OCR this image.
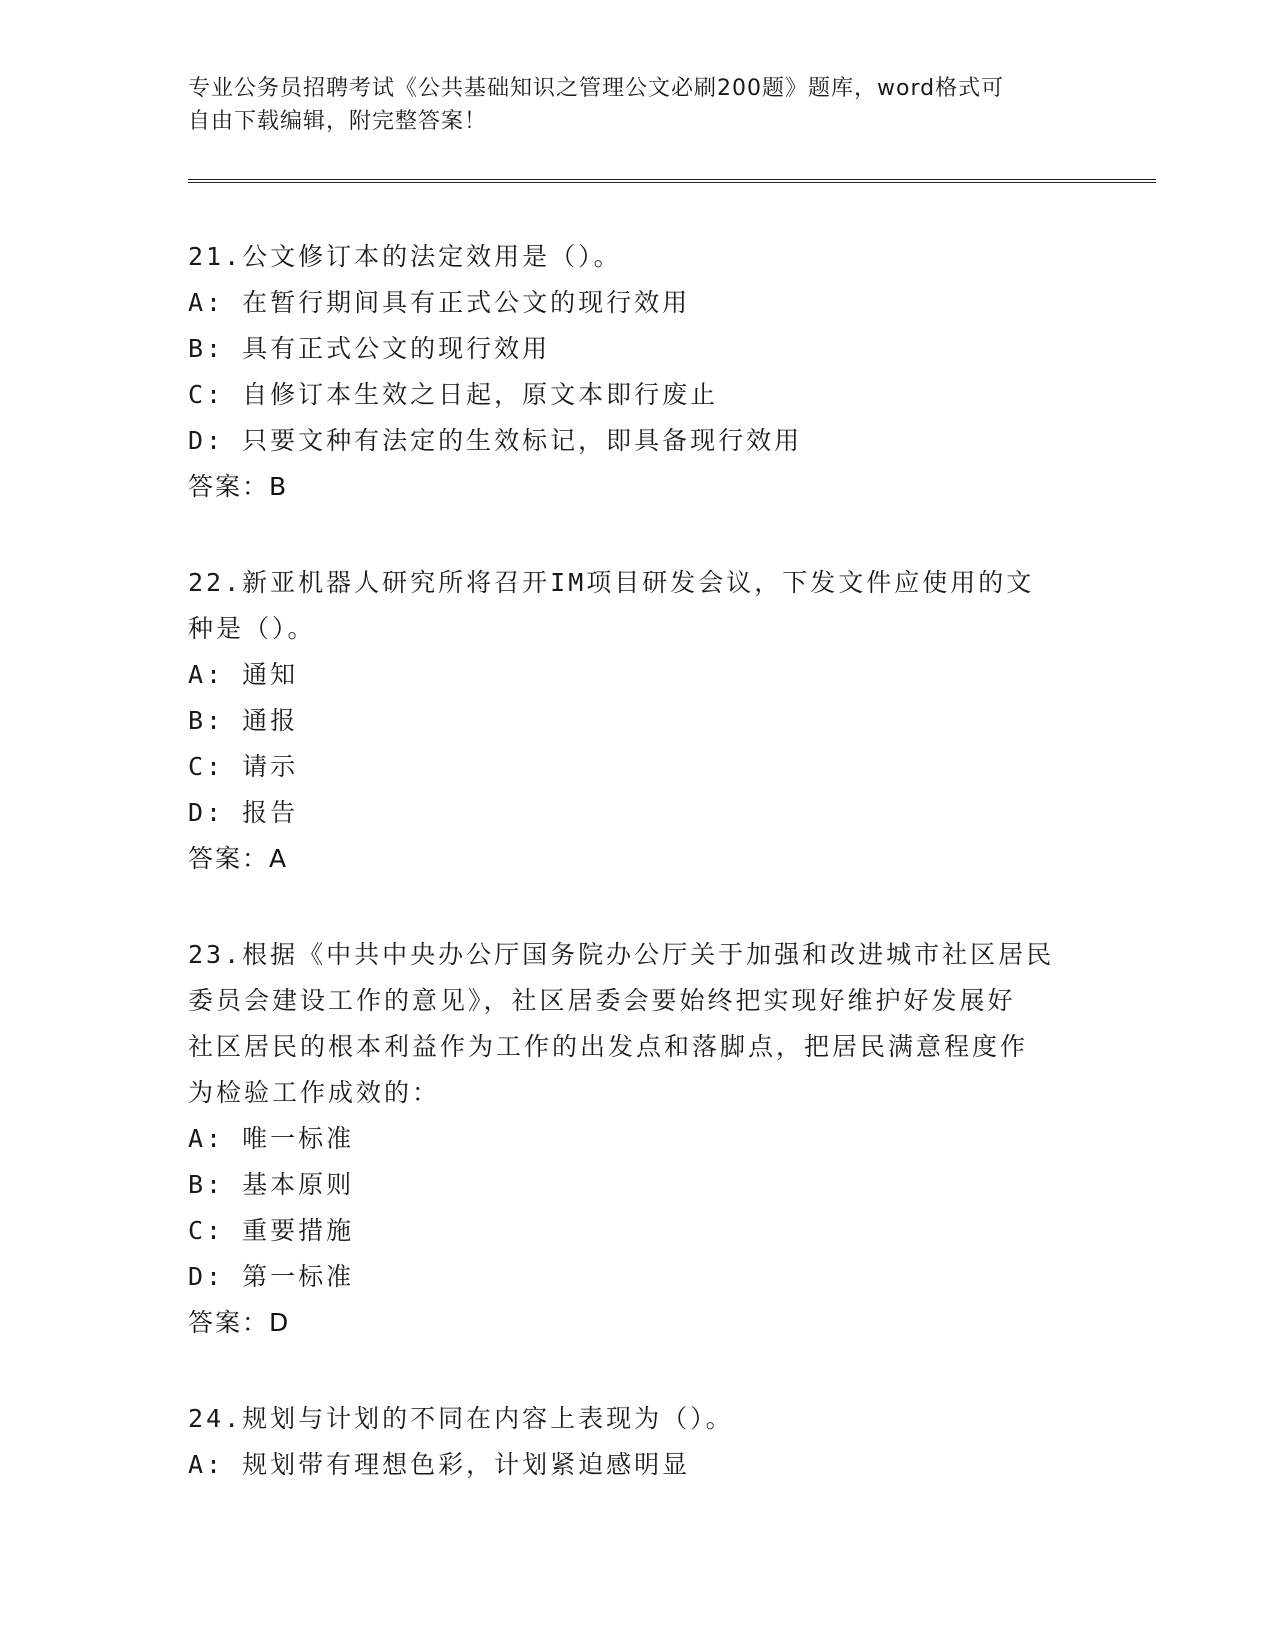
专业公务员招聘考试《公共基础知识之管理公文必刷200题》题库，word格式可
自由下载编辑，附完整答案！
21.公文修订本的法定效用是（）。
A: 在暂行期间具有正式公文的现行效用
B: 具有正式公文的现行效用
C: 自修订本生效之日起，原文本即行废止
D: 只要文种有法定的生效标记，即具备现行效用
答案：B
22.新亚机器人研究所将召开IM项目研发会议，下发文件应使用的文
种是（）。
A: 通知
B: 通报
C: 请示
D: 报告
答案：A
23.根据《中共中央办公厅国务院办公厅关于加强和改进城市社区居民
委员会建设工作的意见》，社区居委会要始终把实现好维护好发展好
社区居民的根本利益作为工作的出发点和落脚点，把居民满意程度作
为检验工作成效的：
A: 唯一标准
B: 基本原则
C: 重要措施
D: 第一标准
答案：D
24.规划与计划的不同在内容上表现为（）。
A: 规划带有理想色彩，计划紧迫感明显
